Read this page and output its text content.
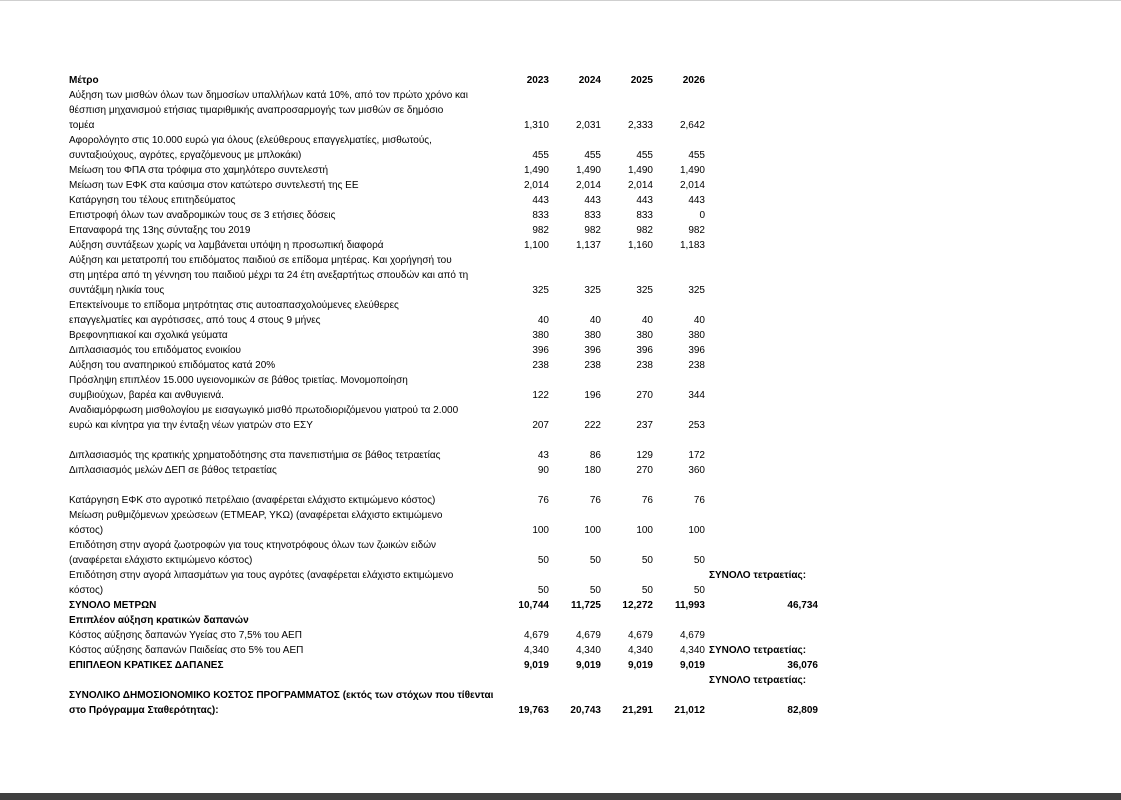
Μέτρο	2023	2024	2025	2026	
Αύξηση των μισθών όλων των δημοσίων υπαλλήλων κατά 10%, από τον πρώτο χρόνο και					
θέσπιση μηχανισμού ετήσιας τιμαριθμικής αναπροσαρμογής των μισθών σε δημόσιο					
τομέα	1,310	2,031	2,333	2,642	
Αφορολόγητο στις 10.000 ευρώ για όλους (ελεύθερους επαγγελματίες, μισθωτούς,					
συνταξιούχους, αγρότες, εργαζόμενους με μπλοκάκι)	455	455	455	455	
Μείωση του ΦΠΑ στα τρόφιμα στο χαμηλότερο συντελεστή	1,490	1,490	1,490	1,490	
Μείωση των ΕΦΚ στα καύσιμα στον κατώτερο συντελεστή της ΕΕ	2,014	2,014	2,014	2,014	
Κατάργηση του τέλους επιτηδεύματος	443	443	443	443	
Επιστροφή όλων των αναδρομικών τους σε 3 ετήσιες δόσεις	833	833	833	0	
Επαναφορά της 13ης σύνταξης του 2019	982	982	982	982	
Αύξηση συντάξεων χωρίς να λαμβάνεται υπόψη η προσωπική διαφορά	1,100	1,137	1,160	1,183	
Αύξηση και μετατροπή του επιδόματος παιδιού σε επίδομα μητέρας. Και χορήγησή του					
στη μητέρα από τη γέννηση του παιδιού μέχρι τα 24 έτη ανεξαρτήτως σπουδών και από τη					
συντάξιμη ηλικία τους	325	325	325	325	
Επεκτείνουμε το επίδομα μητρότητας στις αυτοαπασχολούμενες ελεύθερες					
επαγγελματίες και αγρότισσες, από τους 4 στους 9 μήνες	40	40	40	40	
Βρεφονηπιακοί και σχολικά γεύματα	380	380	380	380	
Διπλασιασμός του επιδόματος ενοικίου	396	396	396	396	
Αύξηση του αναπηρικού επιδόματος κατά 20%	238	238	238	238	
Πρόσληψη επιπλέον 15.000 υγειονομικών σε βάθος τριετίας. Μονομοποίηση					
συμβιούχων, βαρέα και ανθυγιεινά.	122	196	270	344	
Αναδιαμόρφωση μισθολογίου με εισαγωγικό μισθό πρωτοδιοριζόμενου γιατρού τα 2.000					
ευρώ και κίνητρα για την ένταξη νέων γιατρών στο ΕΣΥ	207	222	237	253	

Διπλασιασμός της κρατικής χρηματοδότησης στα πανεπιστήμια σε βάθος τετραετίας	43	86	129	172	
Διπλασιασμός μελών ΔΕΠ σε βάθος τετραετίας	90	180	270	360	

Κατάργηση ΕΦΚ στο αγροτικό πετρέλαιο (αναφέρεται ελάχιστο εκτιμώμενο κόστος)	76	76	76	76	
Μείωση ρυθμιζόμενων χρεώσεων (ΕΤΜΕΑΡ, ΥΚΩ) (αναφέρεται ελάχιστο εκτιμώμενο					
κόστος)	100	100	100	100	
Επιδότηση στην αγορά ζωοτροφών για τους κτηνοτρόφους όλων των ζωικών ειδών					
(αναφέρεται ελάχιστο εκτιμώμενο κόστος)	50	50	50	50	
Επιδότηση στην αγορά λιπασμάτων για τους αγρότες (αναφέρεται ελάχιστο εκτιμώμενο					ΣΥΝΟΛΟ τετραετίας:
κόστος)	50	50	50	50	
ΣΥΝΟΛΟ ΜΕΤΡΩΝ	10,744	11,725	12,272	11,993	46,734
Επιπλέον αύξηση κρατικών δαπανών					
Κόστος αύξησης δαπανών Υγείας στο 7,5% του ΑΕΠ	4,679	4,679	4,679	4,679	
Κόστος αύξησης δαπανών Παιδείας στο 5% του ΑΕΠ	4,340	4,340	4,340	4,340	ΣΥΝΟΛΟ τετραετίας:
ΕΠΙΠΛΕΟΝ ΚΡΑΤΙΚΕΣ ΔΑΠΑΝΕΣ	9,019	9,019	9,019	9,019	36,076
					ΣΥΝΟΛΟ τετραετίας:
ΣΥΝΟΛΙΚΟ ΔΗΜΟΣΙΟΝΟΜΙΚΟ ΚΟΣΤΟΣ ΠΡΟΓΡΑΜΜΑΤΟΣ (εκτός των στόχων που τίθενται					
στο Πρόγραμμα Σταθερότητας):	19,763	20,743	21,291	21,012	82,809
